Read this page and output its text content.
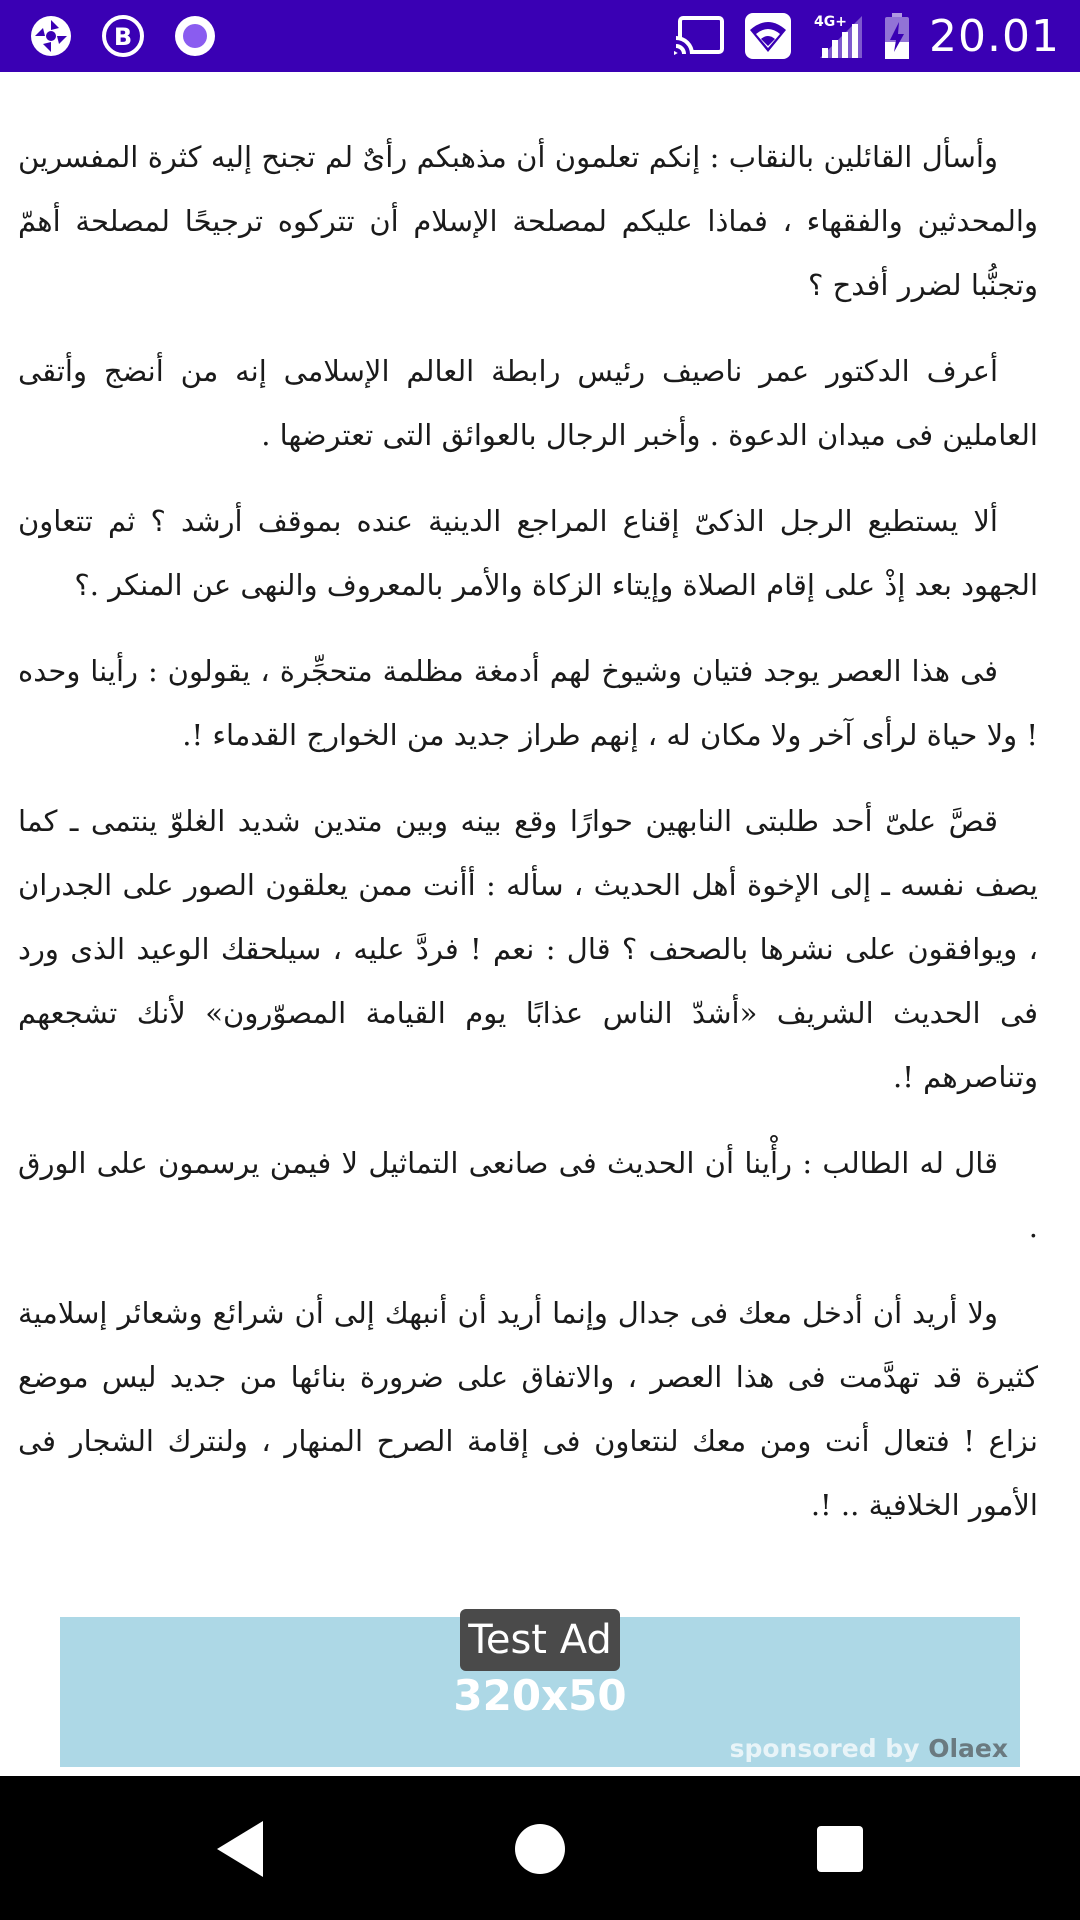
B
4G+ 20.01

وأسأل القائلين بالنقاب : إنكم تعلمون أن مذهبكم رأىٌ لم تجنح إليه كثرة المفسرين والمحدثين والفقهاء ، فماذا عليكم لمصلحة الإسلام أن تتركوه ترجيحًا لمصلحة أهمّ وتجنُّبا لضرر أفدح ؟

أعرف الدكتور عمر ناصيف رئيس رابطة العالم الإسلامى إنه من أنضج وأتقى العاملين فى ميدان الدعوة . وأخبر الرجال بالعوائق التى تعترضها .

ألا يستطيع الرجل الذكىّ إقناع المراجع الدينية عنده بموقف أرشد ؟ ثم تتعاون الجهود بعد إذْ على إقام الصلاة وإيتاء الزكاة والأمر بالمعروف والنهى عن المنكر .؟

فى هذا العصر يوجد فتيان وشيوخ لهم أدمغة مظلمة متحجِّرة ، يقولون : رأينا وحده ! ولا حياة لرأى آخر ولا مكان له ، إنهم طراز جديد من الخوارج القدماء !.

قصَّ علىّ أحد طلبتى النابهين حوارًا وقع بينه وبين متدين شديد الغلوّ ينتمى ـ كما يصف نفسه ـ إلى الإخوة أهل الحديث ، سأله : أأنت ممن يعلقون الصور على الجدران ، ويوافقون على نشرها بالصحف ؟ قال : نعم ! فردَّ عليه ، سيلحقك الوعيد الذى ورد فى الحديث الشريف «أشدّ الناس عذابًا يوم القيامة المصوّرون» لأنك تشجعهم وتناصرهم !.

قال له الطالب : رأْينا أن الحديث فى صانعى التماثيل لا فيمن يرسمون على الورق .

ولا أريد أن أدخل معك فى جدال وإنما أريد أن أنبهك إلى أن شرائع وشعائر إسلامية كثيرة قد تهدَّمت فى هذا العصر ، والاتفاق على ضرورة بنائها من جديد ليس موضع نزاع ! فتعال أنت ومن معك لنتعاون فى إقامة الصرح المنهار ، ولنترك الشجار فى الأمور الخلافية .. !.

Test Ad
320x50
sponsored by Olaex
